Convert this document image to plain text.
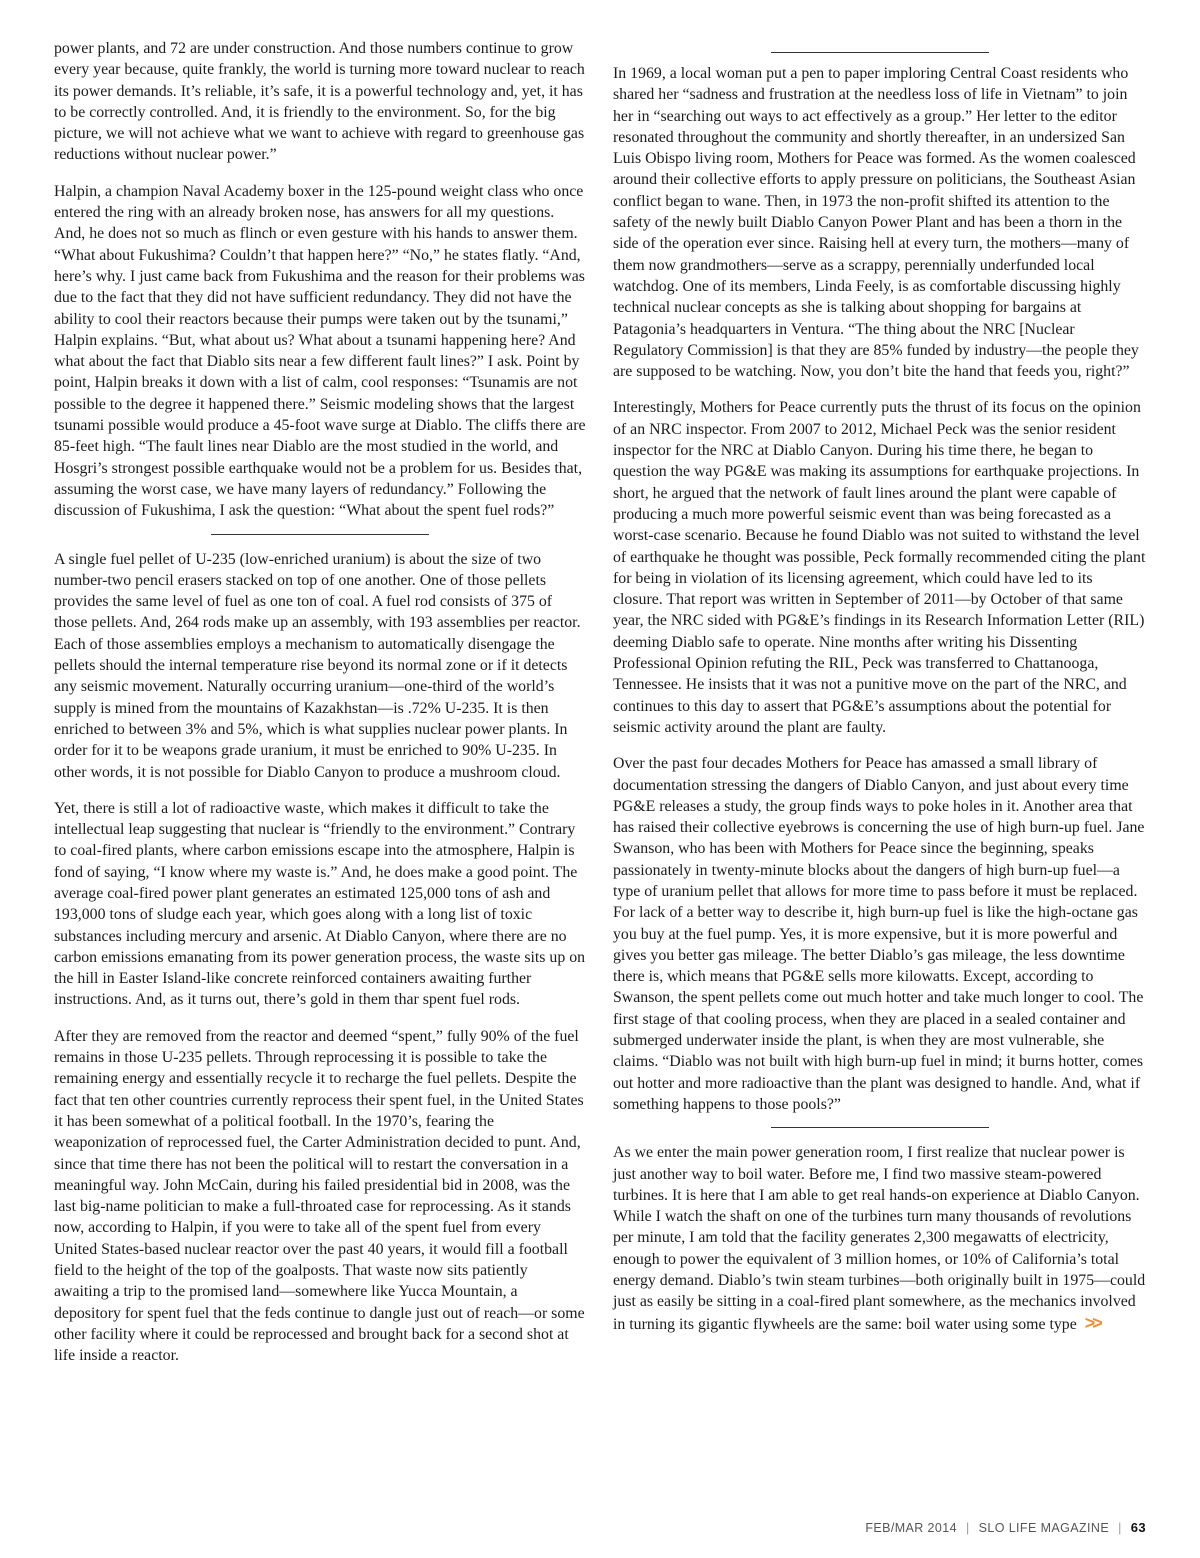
power plants, and 72 are under construction. And those numbers continue to grow every year because, quite frankly, the world is turning more toward nuclear to reach its power demands. It’s reliable, it’s safe, it is a powerful technology and, yet, it has to be correctly controlled. And, it is friendly to the environment. So, for the big picture, we will not achieve what we want to achieve with regard to greenhouse gas reductions without nuclear power.”

Halpin, a champion Naval Academy boxer in the 125-pound weight class who once entered the ring with an already broken nose, has answers for all my questions. And, he does not so much as flinch or even gesture with his hands to answer them. “What about Fukushima? Couldn’t that happen here?” “No,” he states flatly. “And, here’s why. I just came back from Fukushima and the reason for their problems was due to the fact that they did not have sufficient redundancy. They did not have the ability to cool their reactors because their pumps were taken out by the tsunami,” Halpin explains. “But, what about us? What about a tsunami happening here? And what about the fact that Diablo sits near a few different fault lines?” I ask. Point by point, Halpin breaks it down with a list of calm, cool responses: “Tsunamis are not possible to the degree it happened there.” Seismic modeling shows that the largest tsunami possible would produce a 45-foot wave surge at Diablo. The cliffs there are 85-feet high. “The fault lines near Diablo are the most studied in the world, and Hosgri’s strongest possible earthquake would not be a problem for us. Besides that, assuming the worst case, we have many layers of redundancy.” Following the discussion of Fukushima, I ask the question: “What about the spent fuel rods?”

A single fuel pellet of U-235 (low-enriched uranium) is about the size of two number-two pencil erasers stacked on top of one another. One of those pellets provides the same level of fuel as one ton of coal. A fuel rod consists of 375 of those pellets. And, 264 rods make up an assembly, with 193 assemblies per reactor. Each of those assemblies employs a mechanism to automatically disengage the pellets should the internal temperature rise beyond its normal zone or if it detects any seismic movement. Naturally occurring uranium—one-third of the world’s supply is mined from the mountains of Kazakhstan—is .72% U-235. It is then enriched to between 3% and 5%, which is what supplies nuclear power plants. In order for it to be weapons grade uranium, it must be enriched to 90% U-235. In other words, it is not possible for Diablo Canyon to produce a mushroom cloud.

Yet, there is still a lot of radioactive waste, which makes it difficult to take the intellectual leap suggesting that nuclear is “friendly to the environment.” Contrary to coal-fired plants, where carbon emissions escape into the atmosphere, Halpin is fond of saying, “I know where my waste is.” And, he does make a good point. The average coal-fired power plant generates an estimated 125,000 tons of ash and 193,000 tons of sludge each year, which goes along with a long list of toxic substances including mercury and arsenic. At Diablo Canyon, where there are no carbon emissions emanating from its power generation process, the waste sits up on the hill in Easter Island-like concrete reinforced containers awaiting further instructions. And, as it turns out, there’s gold in them thar spent fuel rods.

After they are removed from the reactor and deemed “spent,” fully 90% of the fuel remains in those U-235 pellets. Through reprocessing it is possible to take the remaining energy and essentially recycle it to recharge the fuel pellets. Despite the fact that ten other countries currently reprocess their spent fuel, in the United States it has been somewhat of a political football. In the 1970’s, fearing the weaponization of reprocessed fuel, the Carter Administration decided to punt. And, since that time there has not been the political will to restart the conversation in a meaningful way. John McCain, during his failed presidential bid in 2008, was the last big-name politician to make a full-throated case for reprocessing. As it stands now, according to Halpin, if you were to take all of the spent fuel from every United States-based nuclear reactor over the past 40 years, it would fill a football field to the height of the top of the goalposts. That waste now sits patiently awaiting a trip to the promised land—somewhere like Yucca Mountain, a depository for spent fuel that the feds continue to dangle just out of reach—or some other facility where it could be reprocessed and brought back for a second shot at life inside a reactor.

In 1969, a local woman put a pen to paper imploring Central Coast residents who shared her “sadness and frustration at the needless loss of life in Vietnam” to join her in “searching out ways to act effectively as a group.” Her letter to the editor resonated throughout the community and shortly thereafter, in an undersized San Luis Obispo living room, Mothers for Peace was formed. As the women coalesced around their collective efforts to apply pressure on politicians, the Southeast Asian conflict began to wane. Then, in 1973 the non-profit shifted its attention to the safety of the newly built Diablo Canyon Power Plant and has been a thorn in the side of the operation ever since. Raising hell at every turn, the mothers—many of them now grandmothers—serve as a scrappy, perennially underfunded local watchdog. One of its members, Linda Feely, is as comfortable discussing highly technical nuclear concepts as she is talking about shopping for bargains at Patagonia’s headquarters in Ventura. “The thing about the NRC [Nuclear Regulatory Commission] is that they are 85% funded by industry—the people they are supposed to be watching. Now, you don’t bite the hand that feeds you, right?”

Interestingly, Mothers for Peace currently puts the thrust of its focus on the opinion of an NRC inspector. From 2007 to 2012, Michael Peck was the senior resident inspector for the NRC at Diablo Canyon. During his time there, he began to question the way PG&E was making its assumptions for earthquake projections. In short, he argued that the network of fault lines around the plant were capable of producing a much more powerful seismic event than was being forecasted as a worst-case scenario. Because he found Diablo was not suited to withstand the level of earthquake he thought was possible, Peck formally recommended citing the plant for being in violation of its licensing agreement, which could have led to its closure. That report was written in September of 2011—by October of that same year, the NRC sided with PG&E’s findings in its Research Information Letter (RIL) deeming Diablo safe to operate. Nine months after writing his Dissenting Professional Opinion refuting the RIL, Peck was transferred to Chattanooga, Tennessee. He insists that it was not a punitive move on the part of the NRC, and continues to this day to assert that PG&E’s assumptions about the potential for seismic activity around the plant are faulty.

Over the past four decades Mothers for Peace has amassed a small library of documentation stressing the dangers of Diablo Canyon, and just about every time PG&E releases a study, the group finds ways to poke holes in it. Another area that has raised their collective eyebrows is concerning the use of high burn-up fuel. Jane Swanson, who has been with Mothers for Peace since the beginning, speaks passionately in twenty-minute blocks about the dangers of high burn-up fuel—a type of uranium pellet that allows for more time to pass before it must be replaced. For lack of a better way to describe it, high burn-up fuel is like the high-octane gas you buy at the fuel pump. Yes, it is more expensive, but it is more powerful and gives you better gas mileage. The better Diablo’s gas mileage, the less downtime there is, which means that PG&E sells more kilowatts. Except, according to Swanson, the spent pellets come out much hotter and take much longer to cool. The first stage of that cooling process, when they are placed in a sealed container and submerged underwater inside the plant, is when they are most vulnerable, she claims. “Diablo was not built with high burn-up fuel in mind; it burns hotter, comes out hotter and more radioactive than the plant was designed to handle. And, what if something happens to those pools?”

As we enter the main power generation room, I first realize that nuclear power is just another way to boil water. Before me, I find two massive steam-powered turbines. It is here that I am able to get real hands-on experience at Diablo Canyon. While I watch the shaft on one of the turbines turn many thousands of revolutions per minute, I am told that the facility generates 2,300 megawatts of electricity, enough to power the equivalent of 3 million homes, or 10% of California’s total energy demand. Diablo’s twin steam turbines—both originally built in 1975—could just as easily be sitting in a coal-fired plant somewhere, as the mechanics involved in turning its gigantic flywheels are the same: boil water using some type >>

FEB/MAR 2014 | SLO LIFE MAGAZINE | 63
